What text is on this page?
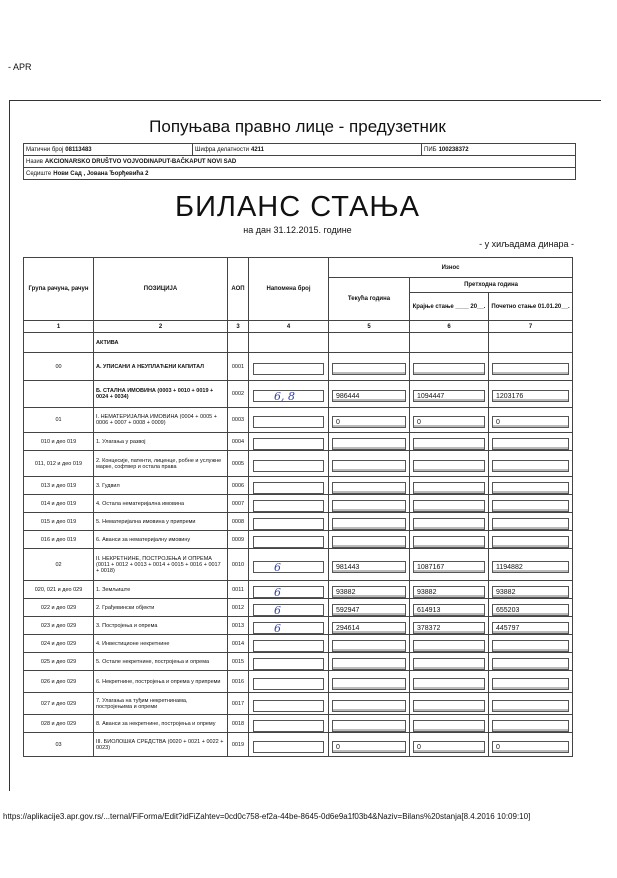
- APR
Попуњава правно лице - предузетник
Матични број 08113483	Шифра делатности 4211	ПИБ 100238372
Назив AKCIONARSKO DRUŠTVO VOJVODINAPUT-BAČKAPUT NOVI SAD
Седиште Нови Сад , Јована Ђорђевића 2
БИЛАНС СТАЊА
на дан 31.12.2015. године
- у хиљадама динара -
Група рачуна, рачун	ПОЗИЦИЈА	АОП	Напомена број	Износ		
				Текућа година	Претходна година	
					Крајње стање ____ 20__.	Почетно стање 01.01.20__.
1	2	3	4	5	6	7
	АКТИВА					
00	А. УПИСАНИ А НЕУПЛАЋЕНИ КАПИТАЛ	0001	

	Б. СТАЛНА ИМОВИНА (0003 + 0010 + 0019 + 0024 + 0034)	0002	6, 8	986444	1094447	1203176

01	I. НЕМАТЕРИЈАЛНА ИМОВИНА (0004 + 0005 + 0006 + 0007 + 0008 + 0009)	0003		0	0	0

010 и део 019	1. Улагања у развој	0004	

011, 012 и део 019	2. Концесије, патенти, лиценце, робне и услужне марке, софтвер и остала права	0005	

013 и део 019	3. Гудвил	0006	

014 и део 019	4. Остала нематеријална имовина	0007	

015 и део 019	5. Нематеријална имовина у припреми	0008	

016 и део 019	6. Аванси за нематеријалну имовину	0009	

02	II. НЕКРЕТНИНЕ, ПОСТРОЈЕЊА И ОПРЕМА (0011 + 0012 + 0013 + 0014 + 0015 + 0016 + 0017 + 0018)	0010	6	981443	1087167	1194882

020, 021 и део 029	1. Земљиште	0011	6	93882	93882	93882

022 и део 029	2. Грађевински објекти	0012	6	592947	614913	655203

023 и део 029	3. Постројења и опрема	0013	6	294614	378372	445797

024 и део 029	4. Инвестиционе некретнине	0014	

025 и део 029	5. Остале некретнине, постројења и опрема	0015	

026 и део 029	6. Некретнине, постројења и опрема у припреми	0016	

027 и део 029	7. Улагања на туђим некретнинама, постројењима и опреми	0017	

028 и део 029	8. Аванси за некретнине, постројења и опрему	0018	

03	III. БИОЛОШКА СРЕДСТВА (0020 + 0021 + 0022 + 0023)	0019		0	0	0
https://aplikacije3.apr.gov.rs/...ternal/FiForma/Edit?idFiZahtev=0cd0c758-ef2a-44be-8645-0d6e9a1f03b4&Naziv=Bilans%20stanja[8.4.2016 10:09:10]
